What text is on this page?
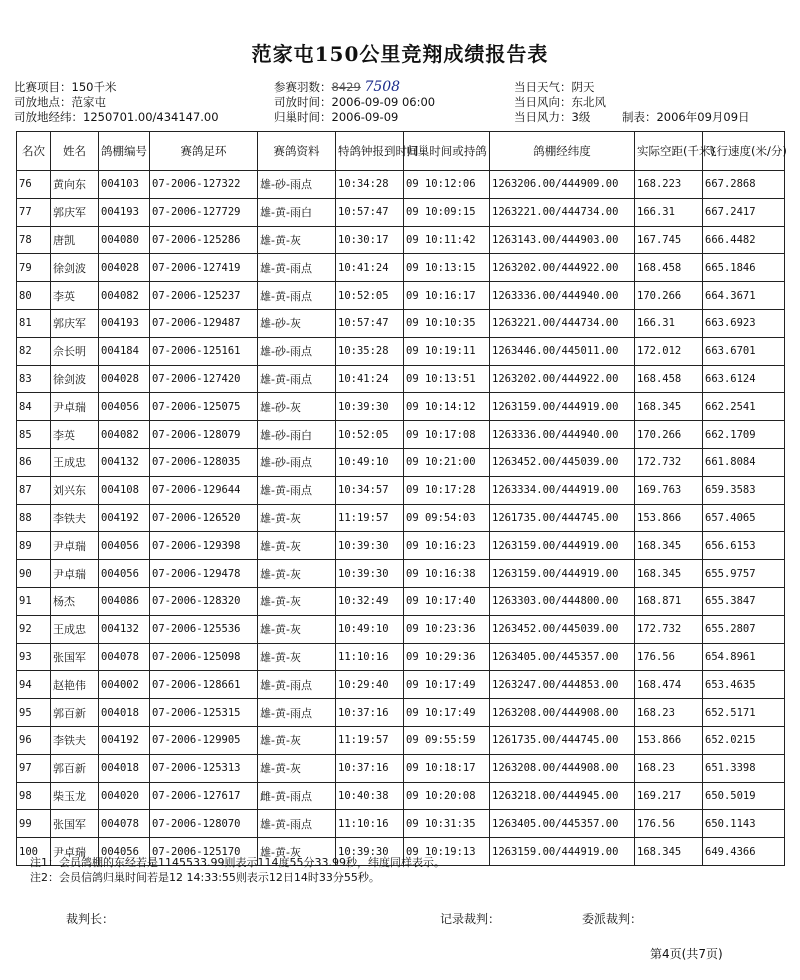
范家屯150公里竞翔成绩报告表
比赛项目：150千米
司放地点：范家屯
司放地经纬：1250701.00/434147.00
参赛羽数：8429 7508
司放时间：2006-09-09 06:00
归巢时间：2006-09-09
当日天气：阴天
当日风向：东北风
当日风力：3级	制表：2006年09月09日
名次	姓名	鸽棚编号	赛鸽足环	赛鸽资料	特鸽钟报到时间	归巢时间或持鸽	鸽棚经纬度	实际空距(千米)	飞行速度(米/分)
76	黄向东	004103	07-2006-127322	雄-砂-雨点	10:34:28	09 10:12:06	1263206.00/444909.00	168.223	667.2868
77	郭庆军	004193	07-2006-127729	雄-黄-雨白	10:57:47	09 10:09:15	1263221.00/444734.00	166.31	667.2417
78	唐凯	004080	07-2006-125286	雄-黄-灰	10:30:17	09 10:11:42	1263143.00/444903.00	167.745	666.4482
79	徐剑波	004028	07-2006-127419	雄-黄-雨点	10:41:24	09 10:13:15	1263202.00/444922.00	168.458	665.1846
80	李英	004082	07-2006-125237	雄-黄-雨点	10:52:05	09 10:16:17	1263336.00/444940.00	170.266	664.3671
81	郭庆军	004193	07-2006-129487	雄-砂-灰	10:57:47	09 10:10:35	1263221.00/444734.00	166.31	663.6923
82	佘长明	004184	07-2006-125161	雄-砂-雨点	10:35:28	09 10:19:11	1263446.00/445011.00	172.012	663.6701
83	徐剑波	004028	07-2006-127420	雄-黄-雨点	10:41:24	09 10:13:51	1263202.00/444922.00	168.458	663.6124
84	尹卓瑞	004056	07-2006-125075	雄-砂-灰	10:39:30	09 10:14:12	1263159.00/444919.00	168.345	662.2541
85	李英	004082	07-2006-128079	雄-砂-雨白	10:52:05	09 10:17:08	1263336.00/444940.00	170.266	662.1709
86	王成忠	004132	07-2006-128035	雄-砂-雨点	10:49:10	09 10:21:00	1263452.00/445039.00	172.732	661.8084
87	刘兴东	004108	07-2006-129644	雄-黄-雨点	10:34:57	09 10:17:28	1263334.00/444919.00	169.763	659.3583
88	李铁夫	004192	07-2006-126520	雄-黄-灰	11:19:57	09 09:54:03	1261735.00/444745.00	153.866	657.4065
89	尹卓瑞	004056	07-2006-129398	雄-黄-灰	10:39:30	09 10:16:23	1263159.00/444919.00	168.345	656.6153
90	尹卓瑞	004056	07-2006-129478	雄-黄-灰	10:39:30	09 10:16:38	1263159.00/444919.00	168.345	655.9757
91	杨杰	004086	07-2006-128320	雄-黄-灰	10:32:49	09 10:17:40	1263303.00/444800.00	168.871	655.3847
92	王成忠	004132	07-2006-125536	雄-黄-灰	10:49:10	09 10:23:36	1263452.00/445039.00	172.732	655.2807
93	张国军	004078	07-2006-125098	雄-黄-灰	11:10:16	09 10:29:36	1263405.00/445357.00	176.56	654.8961
94	赵艳伟	004002	07-2006-128661	雄-黄-雨点	10:29:40	09 10:17:49	1263247.00/444853.00	168.474	653.4635
95	郭百新	004018	07-2006-125315	雄-黄-雨点	10:37:16	09 10:17:49	1263208.00/444908.00	168.23	652.5171
96	李铁夫	004192	07-2006-129905	雄-黄-灰	11:19:57	09 09:55:59	1261735.00/444745.00	153.866	652.0215
97	郭百新	004018	07-2006-125313	雄-黄-灰	10:37:16	09 10:18:17	1263208.00/444908.00	168.23	651.3398
98	柴玉龙	004020	07-2006-127617	雌-黄-雨点	10:40:38	09 10:20:08	1263218.00/444945.00	169.217	650.5019
99	张国军	004078	07-2006-128070	雄-黄-雨点	11:10:16	09 10:31:35	1263405.00/445357.00	176.56	650.1143
100	尹卓瑞	004056	07-2006-125170	雄-黄-灰	10:39:30	09 10:19:13	1263159.00/444919.00	168.345	649.4366
注1：会员鸽棚的东经若是1145533.99则表示114度55分33.99秒，纬度同样表示。
注2：会员信鸽归巢时间若是12 14:33:55则表示12日14时33分55秒。
裁判长：	记录裁判：	委派裁判：
第4页(共7页)
